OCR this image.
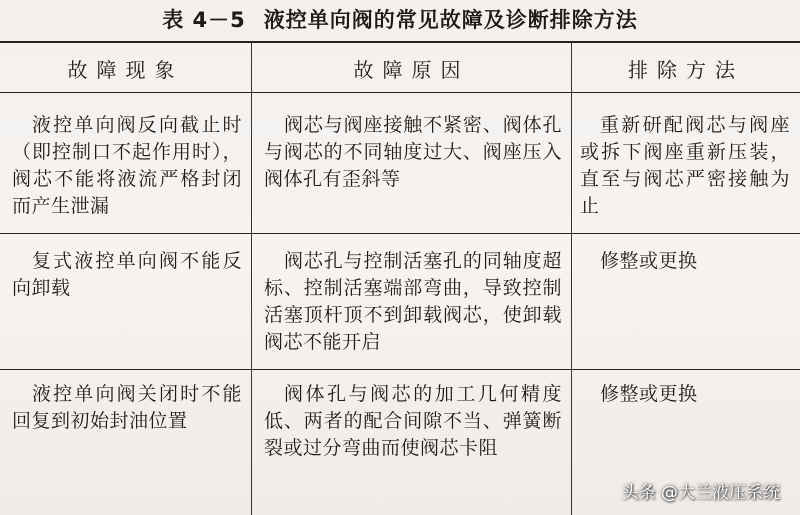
表 4－5 液控单向阀的常见故障及诊断排除方法
故障现象	故障原因	排除方法
液控单向阀反向截止时（即控制口不起作用时），阀芯不能将液流严格封闭而产生泄漏
阀芯与阀座接触不紧密、阀体孔与阀芯的不同轴度过大、阀座压入阀体孔有歪斜等
重新研配阀芯与阀座或拆下阀座重新压装，直至与阀芯严密接触为止
复式液控单向阀不能反向卸载
阀芯孔与控制活塞孔的同轴度超标、控制活塞端部弯曲，导致控制活塞顶杆顶不到卸载阀芯，使卸载阀芯不能开启
修整或更换
液控单向阀关闭时不能回复到初始封油位置
阀体孔与阀芯的加工几何精度低、两者的配合间隙不当、弹簧断裂或过分弯曲而使阀芯卡阻
修整或更换
头条 @大兰液压系统
